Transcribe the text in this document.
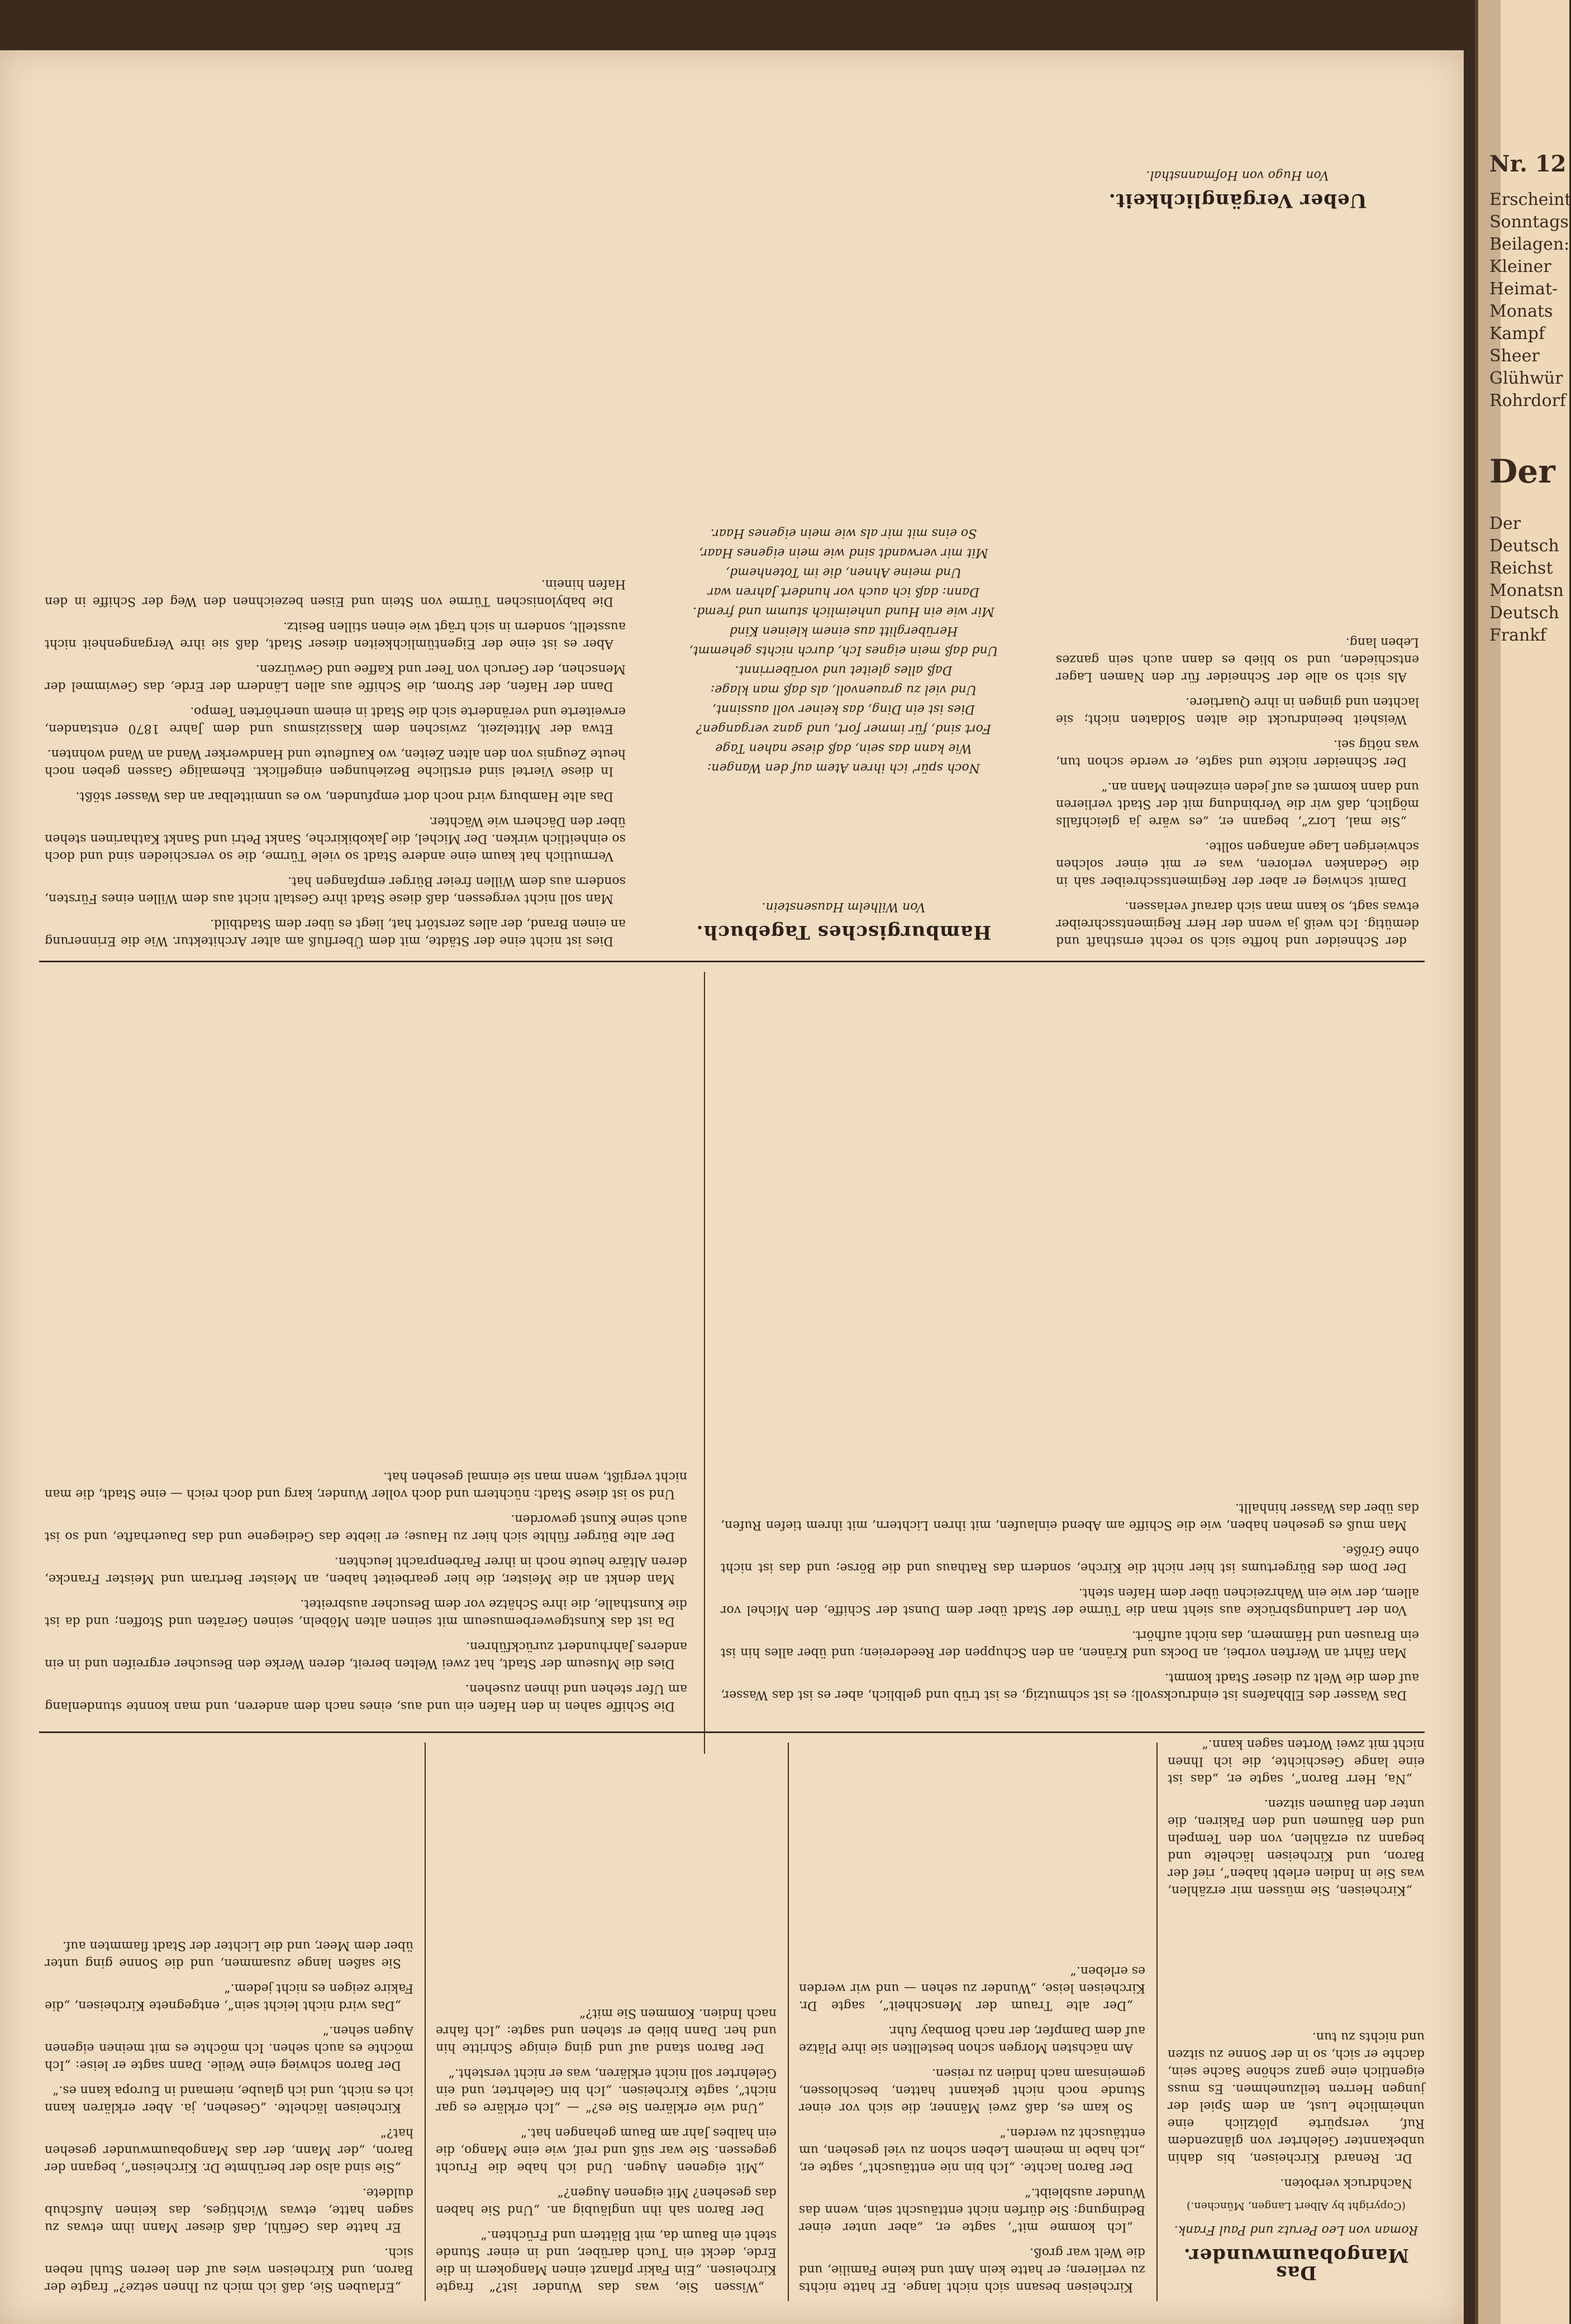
der Schneider und hoffte sich so recht ernsthaft und demütig. Ich weiß ja wenn der Herr Regimentsschreiber etwas sagt, so kann man sich darauf verlassen.

Damit schwieg er aber der Regimentsschreiber sah in die Gedanken verloren, was er mit einer solchen schwierigen Lage anfangen sollte.

„Sie mal, Lorz“, begann er, „es wäre ja gleichfalls möglich, daß wir die Verbindung mit der Stadt verlieren und dann kommt es auf jeden einzelnen Mann an.“

Der Schneider nickte und sagte, er werde schon tun, was nötig sei.

Weisheit beeindruckt die alten Soldaten nicht; sie lachten und gingen in ihre Quartiere.

Als sich so alle der Schneider für den Namen Lager entschieden, und so blieb es dann auch sein ganzes Leben lang.

Ueber Vergänglichkeit.
Von Hugo von Hofmannsthal.

Noch spür' ich ihren Atem auf den Wangen:

Wie kann das sein, daß diese nahen Tage

Fort sind, für immer fort, und ganz vergangen?

Dies ist ein Ding, das keiner voll aussinnt,

Und viel zu grauenvoll, als daß man klage:

Daß alles gleitet und vorüberrinnt.

Und daß mein eignes Ich, durch nichts gehemmt,

Herüberglitt aus einem kleinen Kind

Mir wie ein Hund unheimlich stumm und fremd.

Dann: daß ich auch vor hundert Jahren war

Und meine Ahnen, die im Totenhemd,

Mit mir verwandt sind wie mein eigenes Haar,

So eins mit mir als wie mein eigenes Haar.

Hamburgisches Tagebuch.
Von Wilhelm Hausenstein.

Dies ist nicht eine der Städte, mit dem Überfluß am alter Architektur. Wie die Erinnerung an einen Brand, der alles zerstört hat, liegt es über dem Stadtbild.

Man soll nicht vergessen, daß diese Stadt ihre Gestalt nicht aus dem Willen eines Fürsten, sondern aus dem Willen freier Bürger empfangen hat.

Vermutlich hat kaum eine andere Stadt so viele Türme, die so verschieden sind und doch so einheitlich wirken. Der Michel, die Jakobikirche, Sankt Petri und Sankt Katharinen stehen über den Dächern wie Wächter.

Das alte Hamburg wird noch dort empfunden, wo es unmittelbar an das Wasser stößt.

In diese Viertel sind erstliche Beziehungen eingeflickt. Ehemalige Gassen geben noch heute Zeugnis von den alten Zeiten, wo Kaufleute und Handwerker Wand an Wand wohnten.

Etwa der Mittelzeit, zwischen dem Klassizismus und dem Jahre 1870 entstanden, erweiterte und veränderte sich die Stadt in einem unerhörten Tempo.

Dann der Hafen, der Strom, die Schiffe aus allen Ländern der Erde, das Gewimmel der Menschen, der Geruch von Teer und Kaffee und Gewürzen.

Aber es ist eine der Eigentümlichkeiten dieser Stadt, daß sie ihre Vergangenheit nicht ausstellt, sondern in sich trägt wie einen stillen Besitz.

Die babylonischen Türme von Stein und Eisen bezeichnen den Weg der Schiffe in den Hafen hinein.

Das Wasser des Elbhafens ist eindrucksvoll; es ist schmutzig, es ist trüb und gelblich, aber es ist das Wasser, auf dem die Welt zu dieser Stadt kommt.

Man fährt an Werften vorbei, an Docks und Kränen, an den Schuppen der Reedereien; und über alles hin ist ein Brausen und Hämmern, das nicht aufhört.

Von der Landungsbrücke aus sieht man die Türme der Stadt über dem Dunst der Schiffe, den Michel vor allem, der wie ein Wahrzeichen über dem Hafen steht.

Der Dom des Bürgertums ist hier nicht die Kirche, sondern das Rathaus und die Börse; und das ist nicht ohne Größe.

Man muß es gesehen haben, wie die Schiffe am Abend einlaufen, mit ihren Lichtern, mit ihrem tiefen Rufen, das über das Wasser hinhallt.

Die Schiffe sahen in den Hafen ein und aus, eines nach dem anderen, und man konnte stundenlang am Ufer stehen und ihnen zusehen.

Dies die Museum der Stadt, hat zwei Welten bereit, deren Werke den Besucher ergreifen und in ein anderes Jahrhundert zurückführen.

Da ist das Kunstgewerbemuseum mit seinen alten Möbeln, seinen Geräten und Stoffen; und da ist die Kunsthalle, die ihre Schätze vor dem Besucher ausbreitet.

Man denkt an die Meister, die hier gearbeitet haben, an Meister Bertram und Meister Francke, deren Altäre heute noch in ihrer Farbenpracht leuchten.

Der alte Bürger fühlte sich hier zu Hause; er liebte das Gediegene und das Dauerhafte, und so ist auch seine Kunst geworden.

Und so ist diese Stadt: nüchtern und doch voller Wunder, karg und doch reich — eine Stadt, die man nicht vergißt, wenn man sie einmal gesehen hat.

Das Mangobaumwunder.
Roman von Leo Perutz und Paul Frank.
(Copyright by Albert Langen, München.)

Nachdruck verboten.

Dr. Renard Kircheisen, bis dahin unbekannter Gelehrter von glänzendem Ruf, verspürte plötzlich eine unheimliche Lust, an dem Spiel der jungen Herren teilzunehmen. Es muss eigentlich eine ganz schöne Sache sein, dachte er sich, so in der Sonne zu sitzen und nichts zu tun.

„Kircheisen, Sie müssen mir erzählen, was Sie in Indien erlebt haben“, rief der Baron, und Kircheisen lächelte und begann zu erzählen, von den Tempeln und den Bäumen und den Fakiren, die unter den Bäumen sitzen.

„Na, Herr Baron“, sagte er, „das ist eine lange Geschichte, die ich Ihnen nicht mit zwei Worten sagen kann.“

Kircheisen besann sich nicht lange. Er hatte nichts zu verlieren; er hatte kein Amt und keine Familie, und die Welt war groß.

„Ich komme mit“, sagte er, „aber unter einer Bedingung: Sie dürfen nicht enttäuscht sein, wenn das Wunder ausbleibt.“

Der Baron lachte. „Ich bin nie enttäuscht“, sagte er, „ich habe in meinem Leben schon zu viel gesehen, um enttäuscht zu werden.“

So kam es, daß zwei Männer, die sich vor einer Stunde noch nicht gekannt hatten, beschlossen, gemeinsam nach Indien zu reisen.

Am nächsten Morgen schon bestellten sie ihre Plätze auf dem Dampfer, der nach Bombay fuhr.

„Der alte Traum der Menschheit“, sagte Dr. Kircheisen leise, „Wunder zu sehen — und wir werden es erleben.“

„Wissen Sie, was das Wunder ist?“ fragte Kircheisen. „Ein Fakir pflanzt einen Mangokern in die Erde, deckt ein Tuch darüber, und in einer Stunde steht ein Baum da, mit Blättern und Früchten.“

Der Baron sah ihn ungläubig an. „Und Sie haben das gesehen? Mit eigenen Augen?“

„Mit eigenen Augen. Und ich habe die Frucht gegessen. Sie war süß und reif, wie eine Mango, die ein halbes Jahr am Baum gehangen hat.“

„Und wie erklären Sie es?“ — „Ich erkläre es gar nicht“, sagte Kircheisen. „Ich bin Gelehrter, und ein Gelehrter soll nicht erklären, was er nicht versteht.“

Der Baron stand auf und ging einige Schritte hin und her. Dann blieb er stehen und sagte: „Ich fahre nach Indien. Kommen Sie mit?“

„Erlauben Sie, daß ich mich zu Ihnen setze?“ fragte der Baron, und Kircheisen wies auf den leeren Stuhl neben sich.

Er hatte das Gefühl, daß dieser Mann ihm etwas zu sagen hatte, etwas Wichtiges, das keinen Aufschub duldete.

„Sie sind also der berühmte Dr. Kircheisen“, begann der Baron, „der Mann, der das Mangobaumwunder gesehen hat?“

Kircheisen lächelte. „Gesehen, ja. Aber erklären kann ich es nicht, und ich glaube, niemand in Europa kann es.“

Der Baron schwieg eine Weile. Dann sagte er leise: „Ich möchte es auch sehen. Ich möchte es mit meinen eigenen Augen sehen.“

„Das wird nicht leicht sein“, entgegnete Kircheisen, „die Fakire zeigen es nicht jedem.“

Sie saßen lange zusammen, und die Sonne ging unter über dem Meer, und die Lichter der Stadt flammten auf.

Nr. 12
Erscheint
Sonntags
Beilagen:
Kleiner
Heimat-
Monats
Kampf
Sheer
Glühwür
Rohrdorf
Der
Der
Deutsch
Reichst
Monatsn
Deutsch
Frankf
